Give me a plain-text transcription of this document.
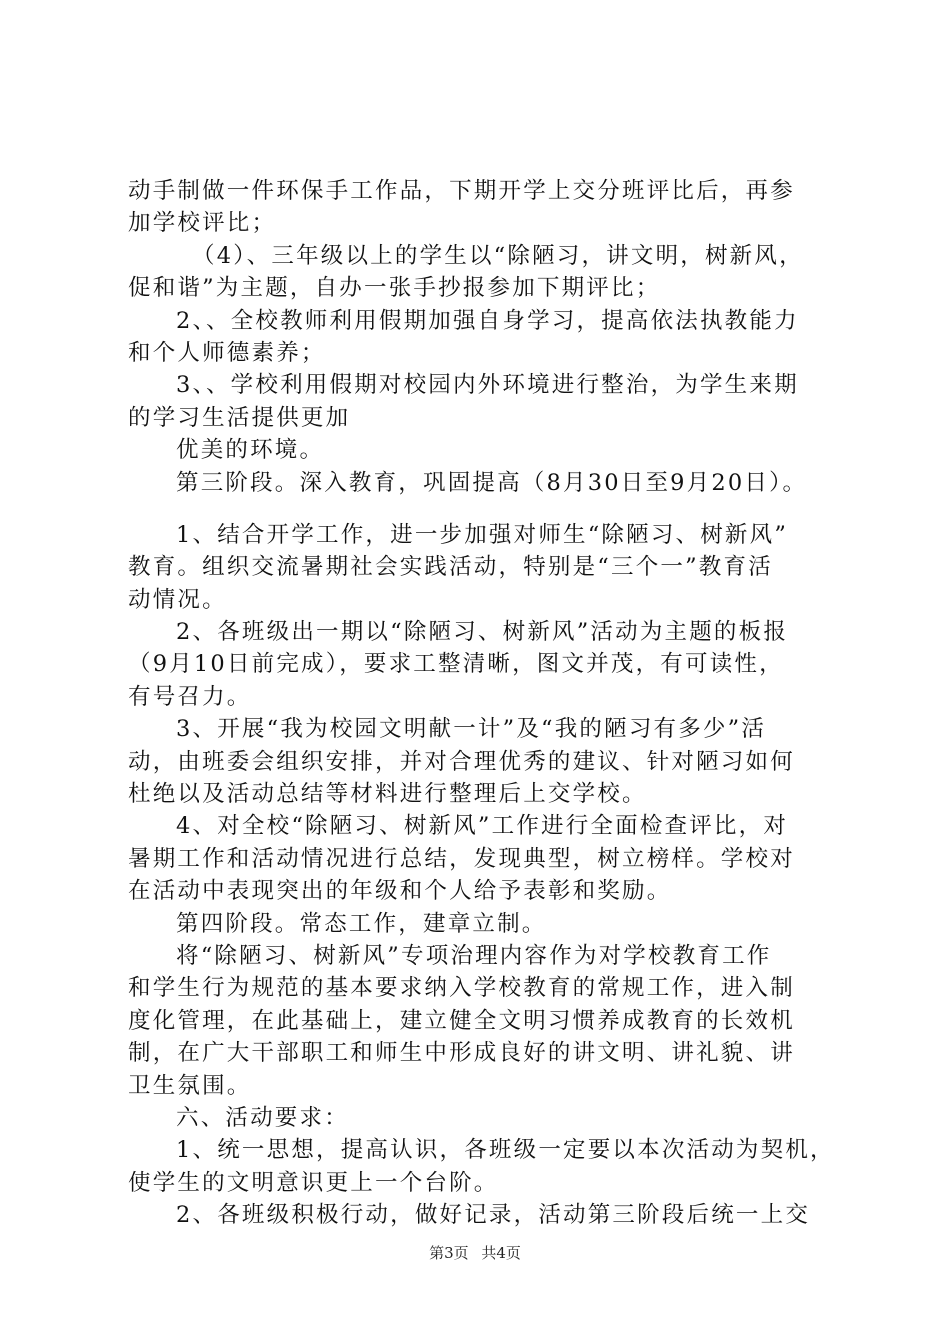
动手制做一件环保手工作品，下期开学上交分班评比后，再参
加学校评比；
（4）、三年级以上的学生以“除陋习，讲文明，树新风，
促和谐”为主题，自办一张手抄报参加下期评比；
2、、全校教师利用假期加强自身学习，提高依法执教能力
和个人师德素养；
3、、学校利用假期对校园内外环境进行整治，为学生来期
的学习生活提供更加
优美的环境。
第三阶段。深入教育，巩固提高（8月30日至9月20日）。
1、结合开学工作，进一步加强对师生“除陋习、树新风”
教育。组织交流暑期社会实践活动，特别是“三个一”教育活
动情况。
2、各班级出一期以“除陋习、树新风”活动为主题的板报
（9月10日前完成），要求工整清晰，图文并茂，有可读性，
有号召力。
3、开展“我为校园文明献一计”及“我的陋习有多少”活
动，由班委会组织安排，并对合理优秀的建议、针对陋习如何
杜绝以及活动总结等材料进行整理后上交学校。
4、对全校“除陋习、树新风”工作进行全面检查评比，对
暑期工作和活动情况进行总结，发现典型，树立榜样。学校对
在活动中表现突出的年级和个人给予表彰和奖励。
第四阶段。常态工作，建章立制。
将“除陋习、树新风”专项治理内容作为对学校教育工作
和学生行为规范的基本要求纳入学校教育的常规工作，进入制
度化管理，在此基础上，建立健全文明习惯养成教育的长效机
制，在广大干部职工和师生中形成良好的讲文明、讲礼貌、讲
卫生氛围。
六、活动要求：
1、统一思想，提高认识，各班级一定要以本次活动为契机，
使学生的文明意识更上一个台阶。
2、各班级积极行动，做好记录，活动第三阶段后统一上交
第3页 共4页
